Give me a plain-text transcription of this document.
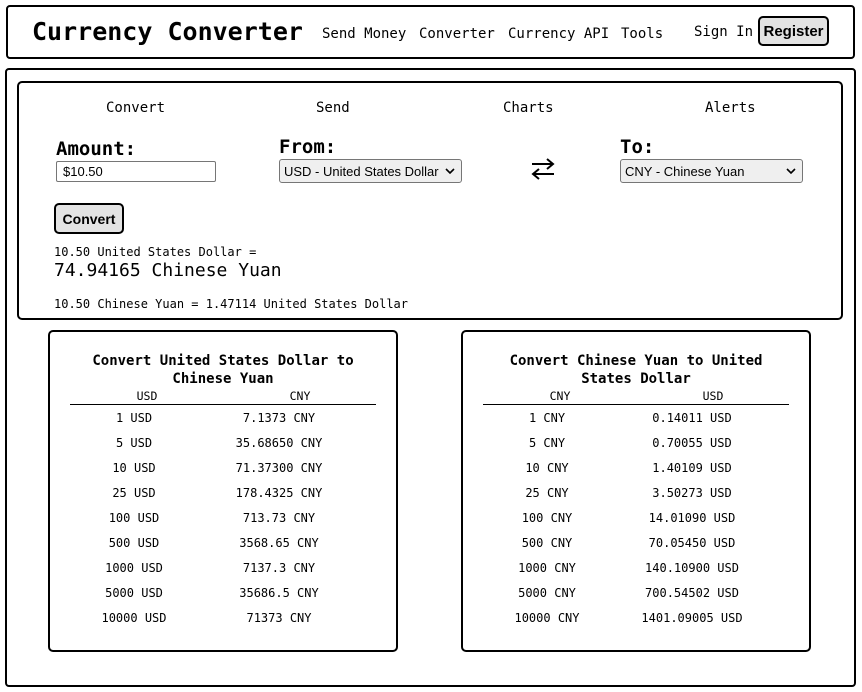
Currency Converter Send Money Converter Currency API Tools Sign In Register
Convert	Send	Charts	Alerts
Amount:
$10.50	From:
USD - United States Dollar
To:
CNY - Chinese Yuan
Convert
10.50 United States Dollar =
74.94165 Chinese Yuan
10.50 Chinese Yuan = 1.47114 United States Dollar
Convert United States Dollar to Chinese Yuan
USD	CNY
1 USD	7.1373 CNY
5 USD	35.68650 CNY
10 USD	71.37300 CNY
25 USD	178.4325 CNY
100 USD	713.73 CNY
500 USD	3568.65 CNY
1000 USD	7137.3 CNY
5000 USD	35686.5 CNY
10000 USD	71373 CNY
Convert Chinese Yuan to United States Dollar
CNY	USD
1 CNY	0.14011 USD
5 CNY	0.70055 USD
10 CNY	1.40109 USD
25 CNY	3.50273 USD
100 CNY	14.01090 USD
500 CNY	70.05450 USD
1000 CNY	140.10900 USD
5000 CNY	700.54502 USD
10000 CNY	1401.09005 USD
